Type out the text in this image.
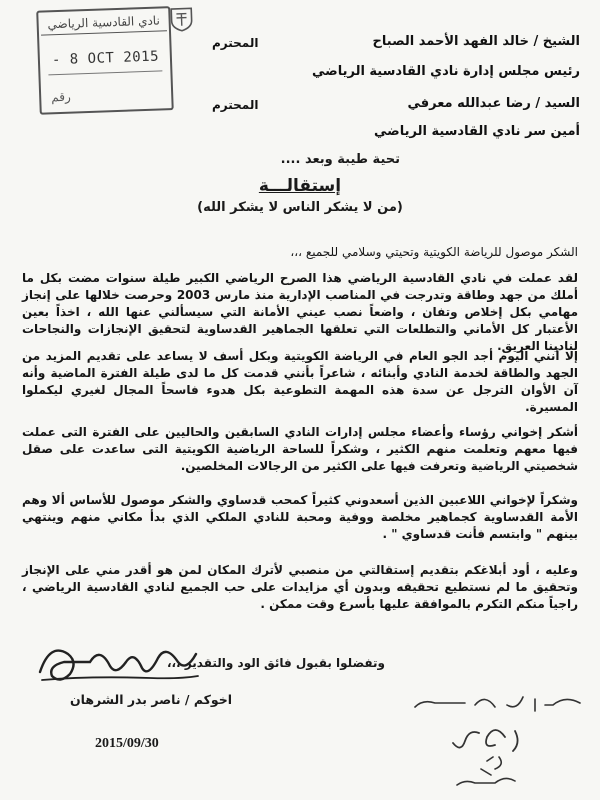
نادي القادسية الرياضي
- 8 OCT 2015
رقم
الشيخ / خالد الفهد الأحمد الصباح
المحترم
رئيس مجلس إدارة نادي القادسية الرياضي
السيد / رضا عبدالله معرفي
المحترم
أمين سر نادي القادسية الرياضي
تحية طيبة وبعد ....
إستقالـــة
(من لا يشكر الناس لا يشكر الله)
الشكر موصول للرياضة الكويتية وتحيتي وسلامي للجميع ،،،
لقد عملت في نادي القادسية الرياضي هذا الصرح الرياضي الكبير طيلة سنوات مضت بكل ما أملك من جهد وطاقة وتدرجت في المناصب الإدارية منذ مارس 2003 وحرصت خلالها على إنجاز مهامي بكل إخلاص وتفان ، واضعاً نصب عيني الأمانة التي سيسألني عنها الله ، اخذاً بعين الأعتبار كل الأماني والتطلعات التي تعلقها الجماهير القدساوية لتحقيق الإنجازات والنجاحات لنادينا العريق.
إلا أنني اليوم أجد الجو العام في الرياضة الكويتية وبكل أسف لا يساعد على تقديم المزيد من الجهد والطاقة لخدمة النادي وأبنائه ، شاعراً بأنني قدمت كل ما لدى طيلة الفترة الماضية وأنه آن الأوان الترجل عن سدة هذه المهمة التطوعية بكل هدوء فاسحاً المجال لغيري ليكملوا المسيرة.
أشكر إخواني رؤساء وأعضاء مجلس إدارات النادي السابقين والحاليين على الفترة التى عملت فيها معهم وتعلمت منهم الكثير ، وشكراً للساحة الرياضية الكويتية التى ساعدت على صقل شخصيتي الرياضية وتعرفت فيها على الكثير من الرجالات المخلصين.
وشكراً لإخواني اللاعبين الذين أسعدوني كثيراً كمحب قدساوي والشكر موصول للأساس ألا وهم الأمة القدساوية كجماهير مخلصة ووفية ومحبة للنادي الملكي الذي بدأ مكاني منهم وينتهي بينهم " وابتسم فأنت قدساوي " .
وعليه ، أود أبلاغكم بتقديم إستقالتي من منصبي لأترك المكان لمن هو أقدر مني على الإنجاز وتحقيق ما لم نستطيع تحقيقه وبدون أي مزايدات على حب الجميع لنادي القادسية الرياضي ، راجياً منكم التكرم بالموافقة عليها بأسرع وقت ممكن .
وتفضلوا بقبول فائق الود والتقدير ،،،
اخوكم / ناصر بدر الشرهان
2015/09/30
